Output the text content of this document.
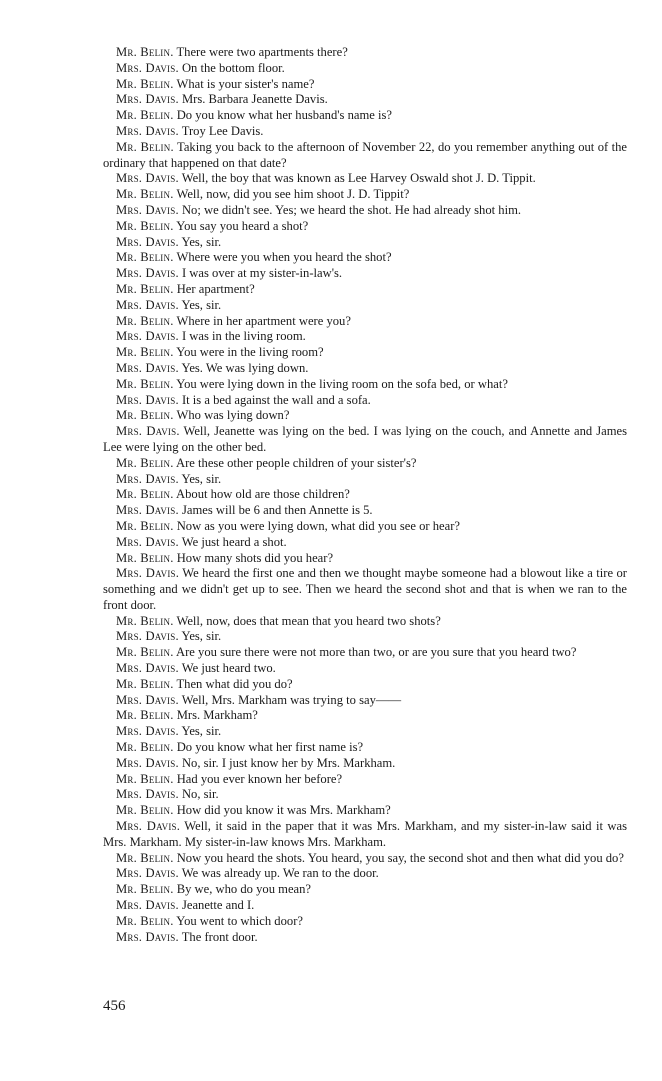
Mr. Belin. There were two apartments there?

Mrs. Davis. On the bottom floor.

Mr. Belin. What is your sister's name?

Mrs. Davis. Mrs. Barbara Jeanette Davis.

Mr. Belin. Do you know what her husband's name is?

Mrs. Davis. Troy Lee Davis.

Mr. Belin. Taking you back to the afternoon of November 22, do you remember anything out of the ordinary that happened on that date?

Mrs. Davis. Well, the boy that was known as Lee Harvey Oswald shot J. D. Tippit.

Mr. Belin. Well, now, did you see him shoot J. D. Tippit?

Mrs. Davis. No; we didn't see. Yes; we heard the shot. He had already shot him.

Mr. Belin. You say you heard a shot?

Mrs. Davis. Yes, sir.

Mr. Belin. Where were you when you heard the shot?

Mrs. Davis. I was over at my sister-in-law's.

Mr. Belin. Her apartment?

Mrs. Davis. Yes, sir.

Mr. Belin. Where in her apartment were you?

Mrs. Davis. I was in the living room.

Mr. Belin. You were in the living room?

Mrs. Davis. Yes. We was lying down.

Mr. Belin. You were lying down in the living room on the sofa bed, or what?

Mrs. Davis. It is a bed against the wall and a sofa.

Mr. Belin. Who was lying down?

Mrs. Davis. Well, Jeanette was lying on the bed. I was lying on the couch, and Annette and James Lee were lying on the other bed.

Mr. Belin. Are these other people children of your sister's?

Mrs. Davis. Yes, sir.

Mr. Belin. About how old are those children?

Mrs. Davis. James will be 6 and then Annette is 5.

Mr. Belin. Now as you were lying down, what did you see or hear?

Mrs. Davis. We just heard a shot.

Mr. Belin. How many shots did you hear?

Mrs. Davis. We heard the first one and then we thought maybe someone had a blowout like a tire or something and we didn't get up to see. Then we heard the second shot and that is when we ran to the front door.

Mr. Belin. Well, now, does that mean that you heard two shots?

Mrs. Davis. Yes, sir.

Mr. Belin. Are you sure there were not more than two, or are you sure that you heard two?

Mrs. Davis. We just heard two.

Mr. Belin. Then what did you do?

Mrs. Davis. Well, Mrs. Markham was trying to say——

Mr. Belin. Mrs. Markham?

Mrs. Davis. Yes, sir.

Mr. Belin. Do you know what her first name is?

Mrs. Davis. No, sir. I just know her by Mrs. Markham.

Mr. Belin. Had you ever known her before?

Mrs. Davis. No, sir.

Mr. Belin. How did you know it was Mrs. Markham?

Mrs. Davis. Well, it said in the paper that it was Mrs. Markham, and my sister-in-law said it was Mrs. Markham. My sister-in-law knows Mrs. Markham.

Mr. Belin. Now you heard the shots. You heard, you say, the second shot and then what did you do?

Mrs. Davis. We was already up. We ran to the door.

Mr. Belin. By we, who do you mean?

Mrs. Davis. Jeanette and I.

Mr. Belin. You went to which door?

Mrs. Davis. The front door.

456
